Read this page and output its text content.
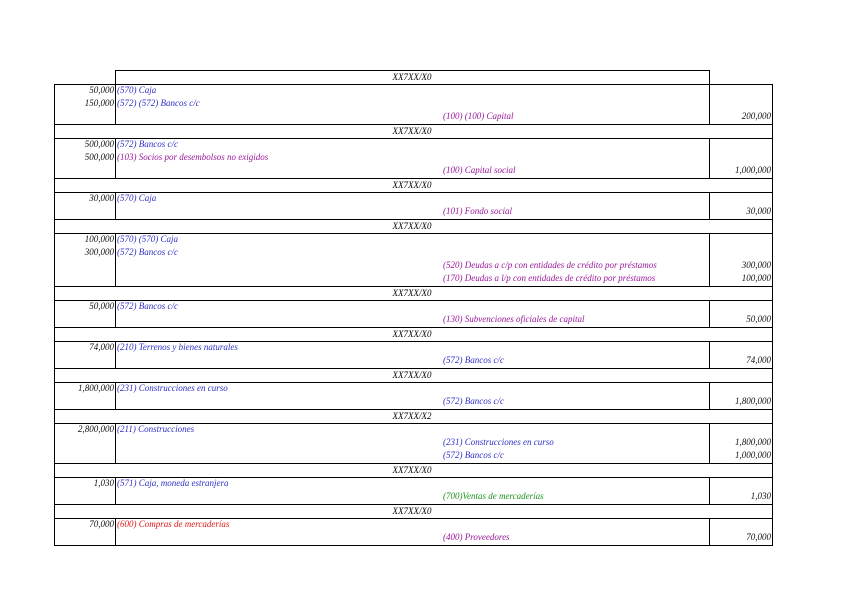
XX7XX/X0
50,000 (570) Caja
150,000 (572) (572) Bancos c/c
(100) (100) Capital	200,000
XX7XX/X0
500,000 (572) Bancos c/c
500,000 (103) Socios por desembolsos no exigidos
(100) Capital social	1,000,000
XX7XX/X0
30,000 (570) Caja
(101) Fondo social	30,000
XX7XX/X0
100,000 (570) (570) Caja
300,000 (572) Bancos c/c
(520) Deudas a c/p con entidades de crédito por préstamos	300,000
(170) Deudas a l/p con entidades de crédito por préstamos	100,000
XX7XX/X0
50,000 (572) Bancos c/c
(130) Subvenciones oficiales de capital	50,000
XX7XX/X0
74,000 (210) Terrenos y bienes naturales
(572) Bancos c/c	74,000
XX7XX/X0
1,800,000 (231) Construcciones en curso
(572) Bancos c/c	1,800,000
XX7XX/X2
2,800,000 (211) Construcciones
(231) Construcciones en curso	1,800,000
(572) Bancos c/c	1,000,000
XX7XX/X0
1,030 (571) Caja, moneda estranjera
(700)Ventas de mercaderías	1,030
XX7XX/X0
70,000 (600) Compras de mercaderías
(400) Proveedores	70,000
